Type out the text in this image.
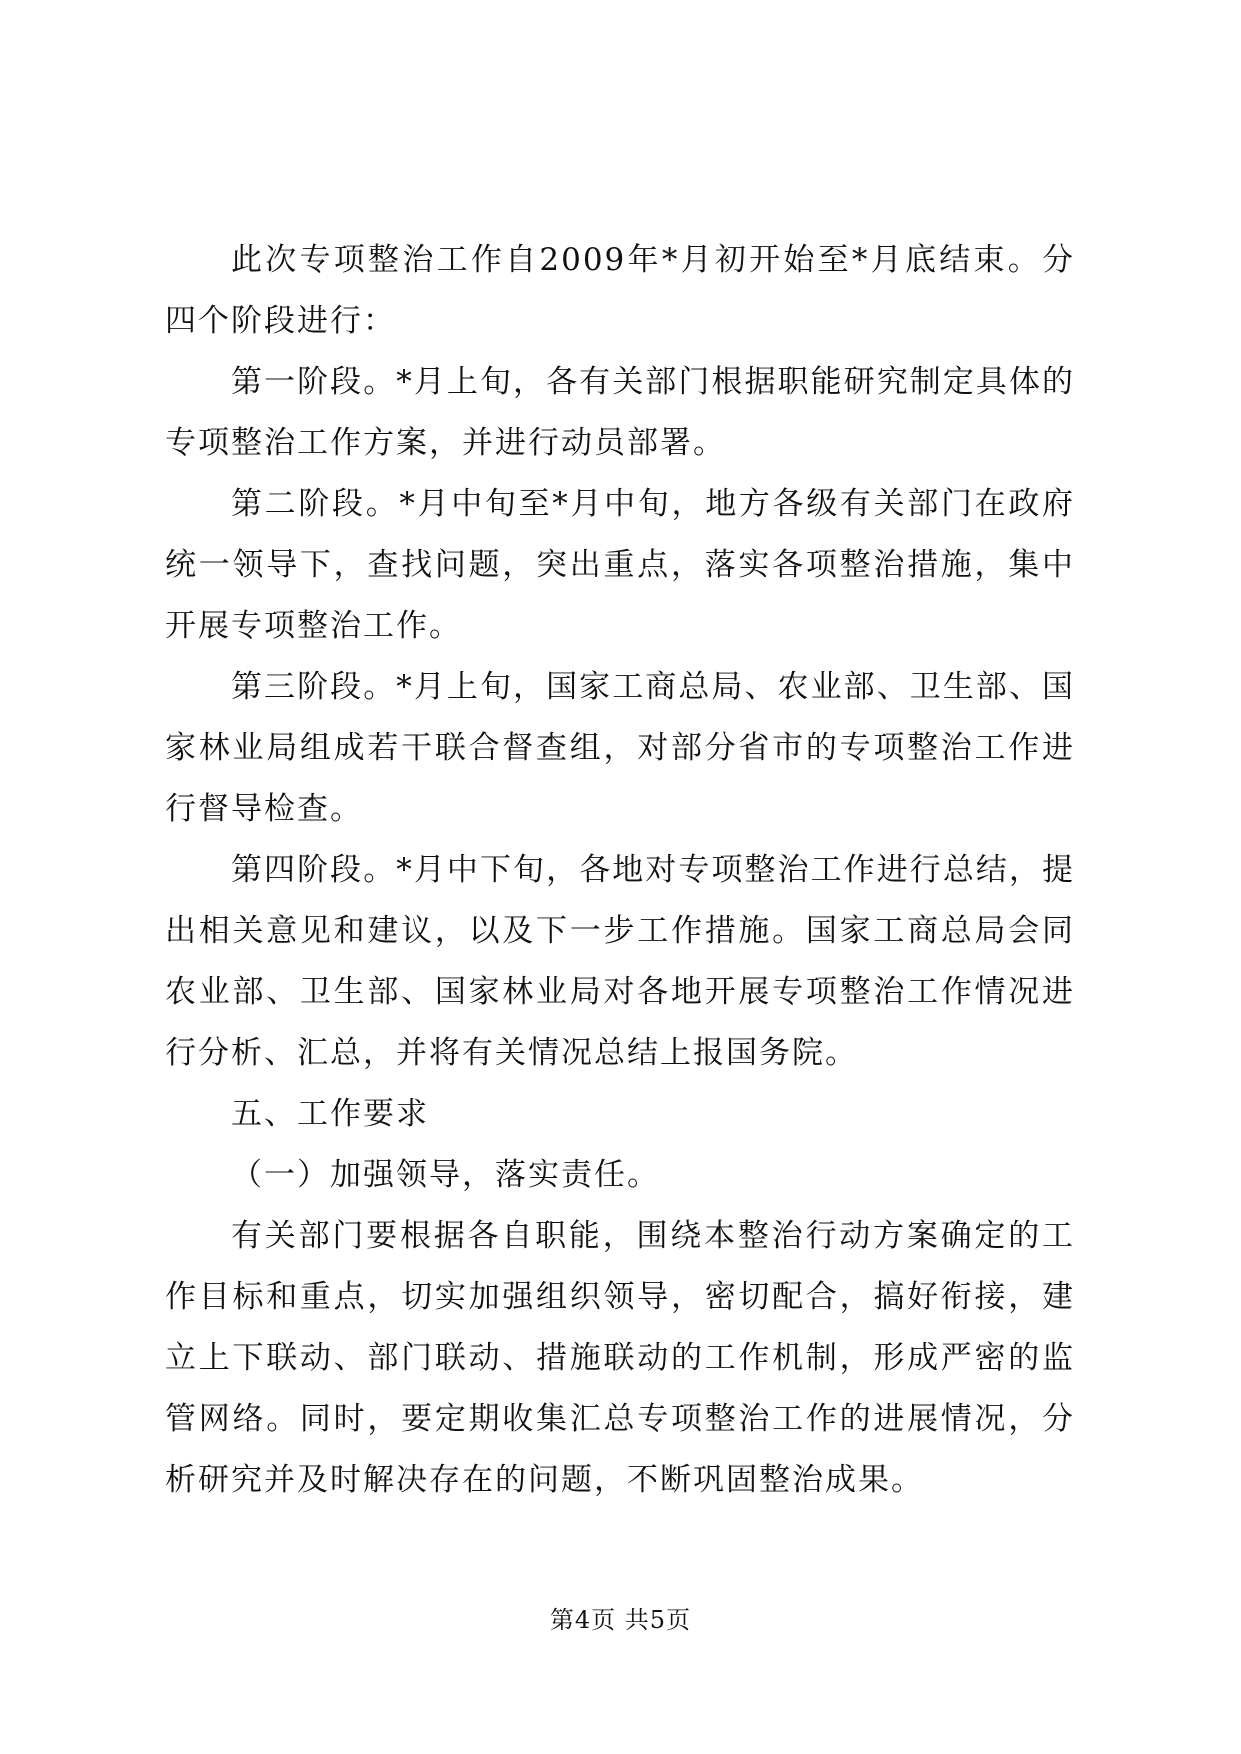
此次专项整治工作自2009年*月初开始至*月底结束。分四个阶段进行：

第一阶段。*月上旬，各有关部门根据职能研究制定具体的专项整治工作方案，并进行动员部署。

第二阶段。*月中旬至*月中旬，地方各级有关部门在政府统一领导下，查找问题，突出重点，落实各项整治措施，集中开展专项整治工作。

第三阶段。*月上旬，国家工商总局、农业部、卫生部、国家林业局组成若干联合督查组，对部分省市的专项整治工作进行督导检查。

第四阶段。*月中下旬，各地对专项整治工作进行总结，提出相关意见和建议，以及下一步工作措施。国家工商总局会同农业部、卫生部、国家林业局对各地开展专项整治工作情况进行分析、汇总，并将有关情况总结上报国务院。

五、工作要求

（一）加强领导，落实责任。

有关部门要根据各自职能，围绕本整治行动方案确定的工作目标和重点，切实加强组织领导，密切配合，搞好衔接，建立上下联动、部门联动、措施联动的工作机制，形成严密的监管网络。同时，要定期收集汇总专项整治工作的进展情况，分析研究并及时解决存在的问题，不断巩固整治成果。

第4页 共5页
